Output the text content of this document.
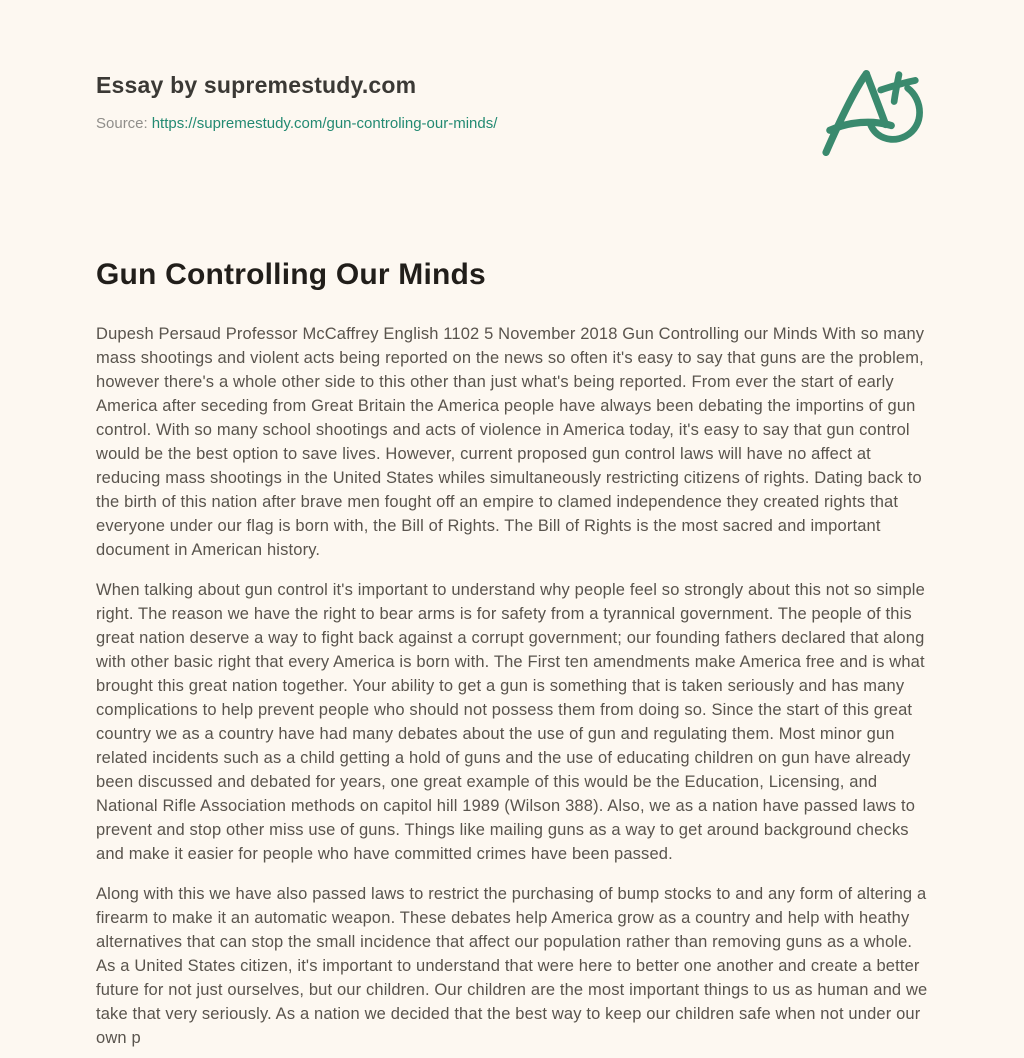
Essay by supremestudy.com
Source: https://supremestudy.com/gun-controling-our-minds/
Gun Controlling Our Minds

Dupesh Persaud Professor McCaffrey English 1102 5 November 2018 Gun Controlling our Minds With so many mass shootings and violent acts being reported on the news so often it's easy to say that guns are the problem, however there's a whole other side to this other than just what's being reported. From ever the start of early America after seceding from Great Britain the America people have always been debating the importins of gun control. With so many school shootings and acts of violence in America today, it's easy to say that gun control would be the best option to save lives. However, current proposed gun control laws will have no affect at reducing mass shootings in the United States whiles simultaneously restricting citizens of rights. Dating back to the birth of this nation after brave men fought off an empire to clamed independence they created rights that everyone under our flag is born with, the Bill of Rights. The Bill of Rights is the most sacred and important document in American history.

When talking about gun control it's important to understand why people feel so strongly about this not so simple right. The reason we have the right to bear arms is for safety from a tyrannical government. The people of this great nation deserve a way to fight back against a corrupt government; our founding fathers declared that along with other basic right that every America is born with. The First ten amendments make America free and is what brought this great nation together. Your ability to get a gun is something that is taken seriously and has many complications to help prevent people who should not possess them from doing so. Since the start of this great country we as a country have had many debates about the use of gun and regulating them. Most minor gun related incidents such as a child getting a hold of guns and the use of educating children on gun have already been discussed and debated for years, one great example of this would be the Education, Licensing, and National Rifle Association methods on capitol hill 1989 (Wilson 388). Also, we as a nation have passed laws to prevent and stop other miss use of guns. Things like mailing guns as a way to get around background checks and make it easier for people who have committed crimes have been passed.

Along with this we have also passed laws to restrict the purchasing of bump stocks to and any form of altering a firearm to make it an automatic weapon. These debates help America grow as a country and help with heathy alternatives that can stop the small incidence that affect our population rather than removing guns as a whole. As a United States citizen, it's important to understand that were here to better one another and create a better future for not just ourselves, but our children. Our children are the most important things to us as human and we take that very seriously. As a nation we decided that the best way to keep our children safe when not under our own p
